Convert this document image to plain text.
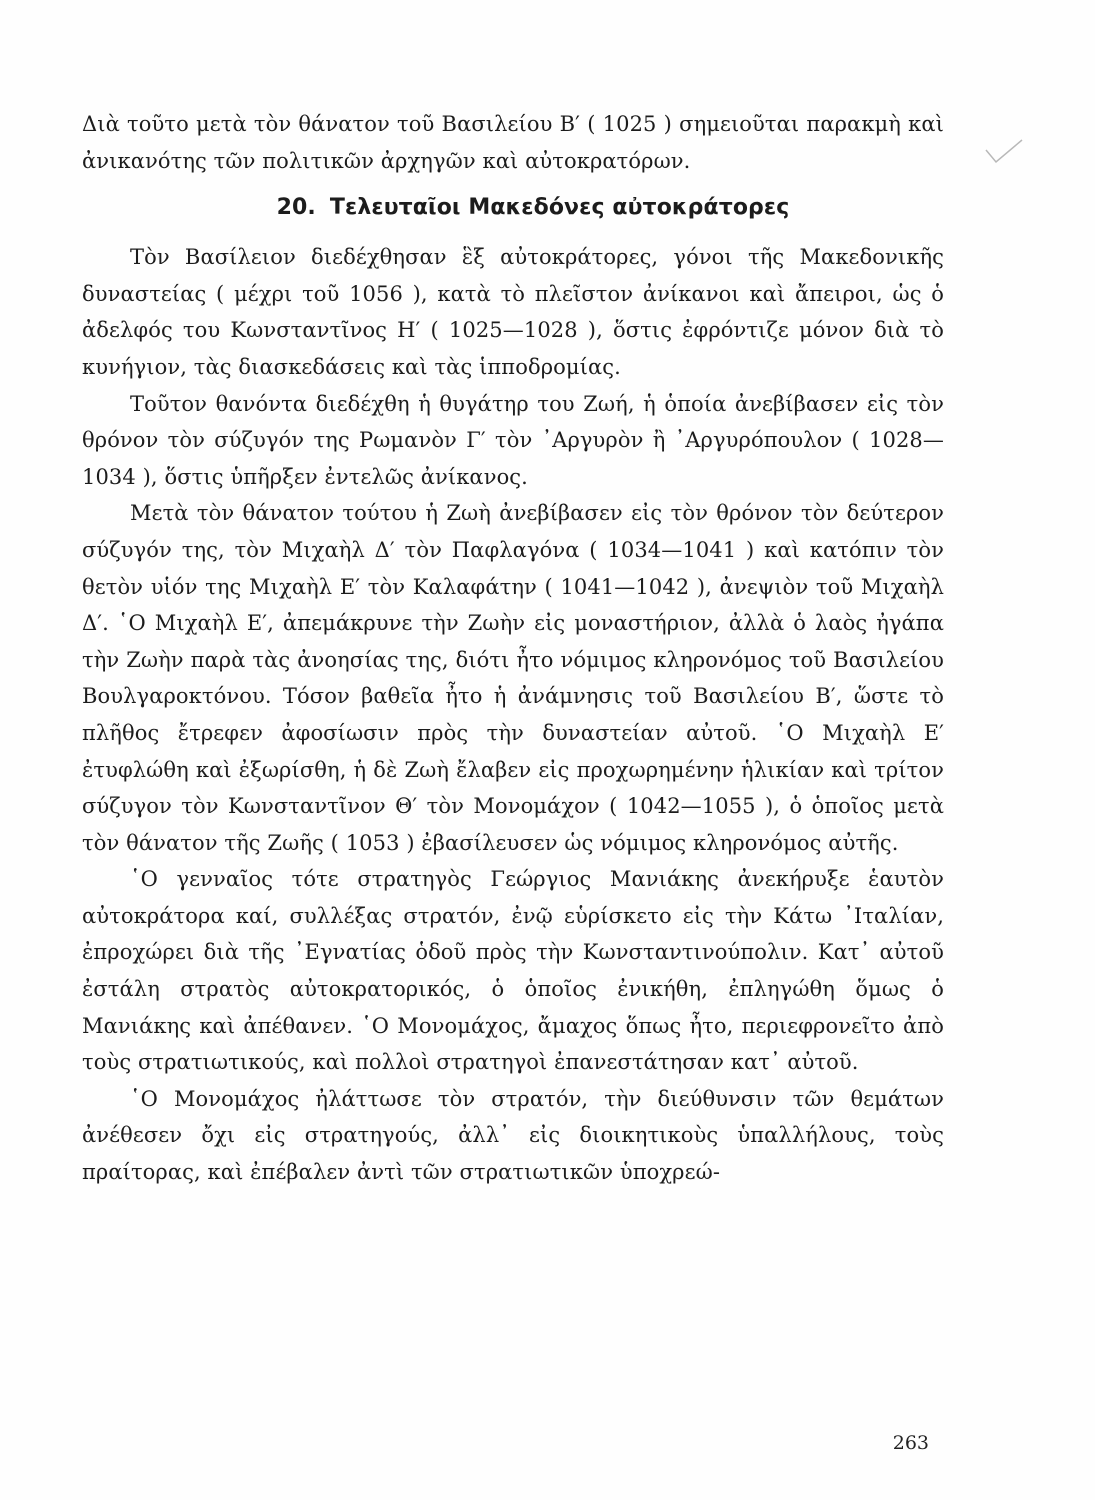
Διὰ τοῦτο μετὰ τὸν θάνατον τοῦ Βασιλείου Β′ ( 1025 ) σημειοῦται παρακμὴ καὶ ἀνικανότης τῶν πολιτικῶν ἀρχηγῶν καὶ αὐτοκρατόρων.

20. Τελευταῖοι Μακεδόνες αὐτοκράτορες

Τὸν Βασίλειον διεδέχθησαν ἓξ αὐτοκράτορες, γόνοι τῆς Μακεδονικῆς δυναστείας ( μέχρι τοῦ 1056 ), κατὰ τὸ πλεῖστον ἀνίκανοι καὶ ἄπειροι, ὡς ὁ ἀδελφός του Κωνσταντῖνος Η′ ( 1025—1028 ), ὅστις ἐφρόντιζε μόνον διὰ τὸ κυνήγιον, τὰς διασκεδάσεις καὶ τὰς ἱπποδρομίας.

Τοῦτον θανόντα διεδέχθη ἡ θυγάτηρ του Ζωή, ἡ ὁποία ἀνεβίβασεν εἰς τὸν θρόνον τὸν σύζυγόν της Ρωμανὸν Γ′ τὸν ᾿Αργυρὸν ἢ ᾿Αργυρόπουλον ( 1028—1034 ), ὅστις ὑπῆρξεν ἐντελῶς ἀνίκανος.

Μετὰ τὸν θάνατον τούτου ἡ Ζωὴ ἀνεβίβασεν εἰς τὸν θρόνον τὸν δεύτερον σύζυγόν της, τὸν Μιχαὴλ Δ′ τὸν Παφλαγόνα ( 1034—1041 ) καὶ κατόπιν τὸν θετὸν υἱόν της Μιχαὴλ Ε′ τὸν Καλαφάτην ( 1041—1042 ), ἀνεψιὸν τοῦ Μιχαὴλ Δ′. ῾Ο Μιχαὴλ Ε′, ἀπεμάκρυνε τὴν Ζωὴν εἰς μοναστήριον, ἀλλὰ ὁ λαὸς ἠγάπα τὴν Ζωὴν παρὰ τὰς ἀνοησίας της, διότι ἦτο νόμιμος κληρονόμος τοῦ Βασιλείου Βουλγαροκτόνου. Τόσον βαθεῖα ἦτο ἡ ἀνάμνησις τοῦ Βασιλείου Β′, ὥστε τὸ πλῆθος ἔτρεφεν ἀφοσίωσιν πρὸς τὴν δυναστείαν αὐτοῦ. ῾Ο Μιχαὴλ Ε′ ἐτυφλώθη καὶ ἐξωρίσθη, ἡ δὲ Ζωὴ ἔλαβεν εἰς προχωρημένην ἡλικίαν καὶ τρίτον σύζυγον τὸν Κωνσταντῖνον Θ′ τὸν Μονομάχον ( 1042—1055 ), ὁ ὁποῖος μετὰ τὸν θάνατον τῆς Ζωῆς ( 1053 ) ἐβασίλευσεν ὡς νόμιμος κληρονόμος αὐτῆς.

῾Ο γενναῖος τότε στρατηγὸς Γεώργιος Μανιάκης ἀνεκήρυξε ἑαυτὸν αὐτοκράτορα καί, συλλέξας στρατόν, ἐνῷ εὑρίσκετο εἰς τὴν Κάτω ᾿Ιταλίαν, ἐπροχώρει διὰ τῆς ᾿Εγνατίας ὁδοῦ πρὸς τὴν Κωνσταντινούπολιν. Κατ᾿ αὐτοῦ ἐστάλη στρατὸς αὐτοκρατορικός, ὁ ὁποῖος ἐνικήθη, ἐπληγώθη ὅμως ὁ Μανιάκης καὶ ἀπέθανεν. ῾Ο Μονομάχος, ἄμαχος ὅπως ἦτο, περιεφρονεῖτο ἀπὸ τοὺς στρατιωτικούς, καὶ πολλοὶ στρατηγοὶ ἐπανεστάτησαν κατ᾿ αὐτοῦ.

῾Ο Μονομάχος ἠλάττωσε τὸν στρατόν, τὴν διεύθυνσιν τῶν θεμάτων ἀνέθεσεν ὄχι εἰς στρατηγούς, ἀλλ᾿ εἰς διοικητικοὺς ὑπαλλήλους, τοὺς πραίτορας, καὶ ἐπέβαλεν ἀντὶ τῶν στρατιωτικῶν ὑποχρεώ-

263
